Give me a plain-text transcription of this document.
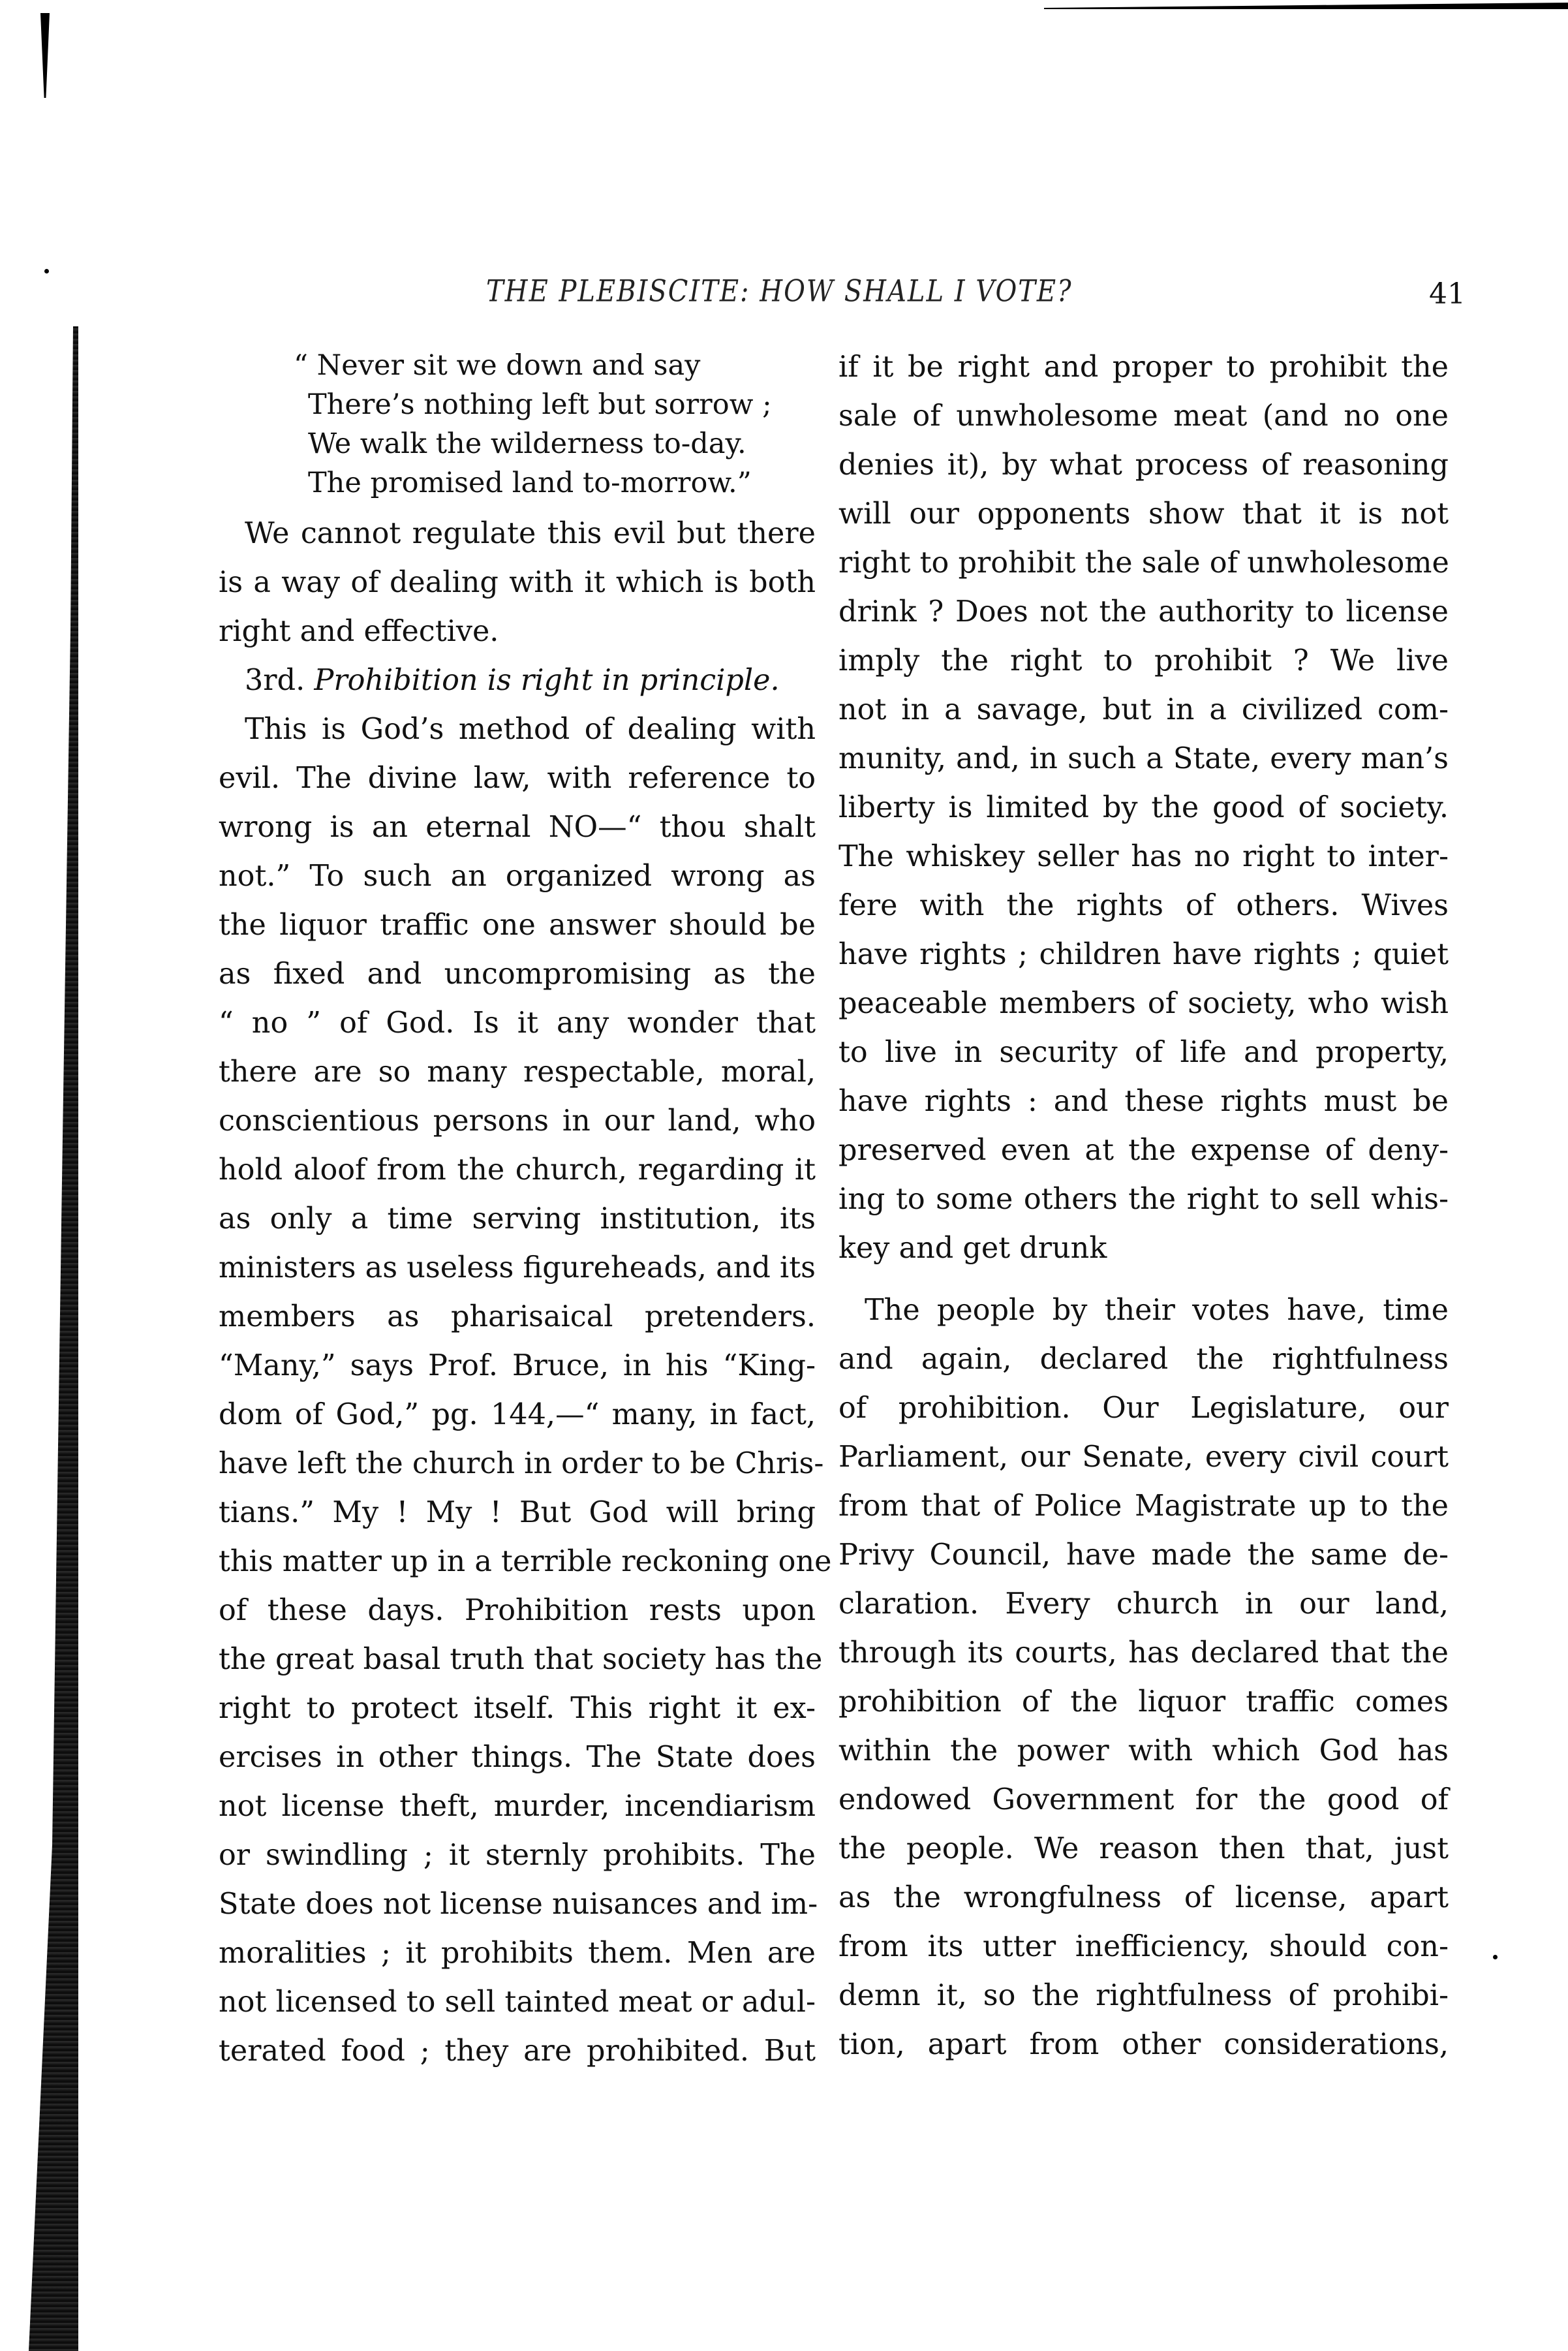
THE PLEBISCITE: HOW SHALL I VOTE?	41
“ Never sit we down and say
There’s nothing left but sorrow ;
We walk the wilderness to-day.
The promised land to-morrow.”
We cannot regulate this evil but there
is a way of dealing with it which is both
right and effective.
3rd. Prohibition is right in principle.
This is God’s method of dealing with
evil. The divine law, with reference to
wrong is an eternal NO—“ thou shalt
not.” To such an organized wrong as
the liquor traffic one answer should be
as fixed and uncompromising as the
“ no ” of God. Is it any wonder that
there are so many respectable, moral,
conscientious persons in our land, who
hold aloof from the church, regarding it
as only a time serving institution, its
ministers as useless figureheads, and its
members as pharisaical pretenders.
“Many,” says Prof. Bruce, in his “King-
dom of God,” pg. 144,—“ many, in fact,
have left the church in order to be Chris-
tians.” My ! My ! But God will bring
this matter up in a terrible reckoning one
of these days. Prohibition rests upon
the great basal truth that society has the
right to protect itself. This right it ex-
ercises in other things. The State does
not license theft, murder, incendiarism
or swindling ; it sternly prohibits. The
State does not license nuisances and im-
moralities ; it prohibits them. Men are
not licensed to sell tainted meat or adul-
terated food ; they are prohibited. But
if it be right and proper to prohibit the
sale of unwholesome meat (and no one
denies it), by what process of reasoning
will our opponents show that it is not
right to prohibit the sale of unwholesome
drink ? Does not the authority to license
imply the right to prohibit ? We live
not in a savage, but in a civilized com-
munity, and, in such a State, every man’s
liberty is limited by the good of society.
The whiskey seller has no right to inter-
fere with the rights of others. Wives
have rights ; children have rights ; quiet
peaceable members of society, who wish
to live in security of life and property,
have rights : and these rights must be
preserved even at the expense of deny-
ing to some others the right to sell whis-
key and get drunk
The people by their votes have, time
and again, declared the rightfulness
of prohibition. Our Legislature, our
Parliament, our Senate, every civil court
from that of Police Magistrate up to the
Privy Council, have made the same de-
claration. Every church in our land,
through its courts, has declared that the
prohibition of the liquor traffic comes
within the power with which God has
endowed Government for the good of
the people. We reason then that, just
as the wrongfulness of license, apart
from its utter inefficiency, should con-
demn it, so the rightfulness of prohibi-
tion, apart from other considerations,
